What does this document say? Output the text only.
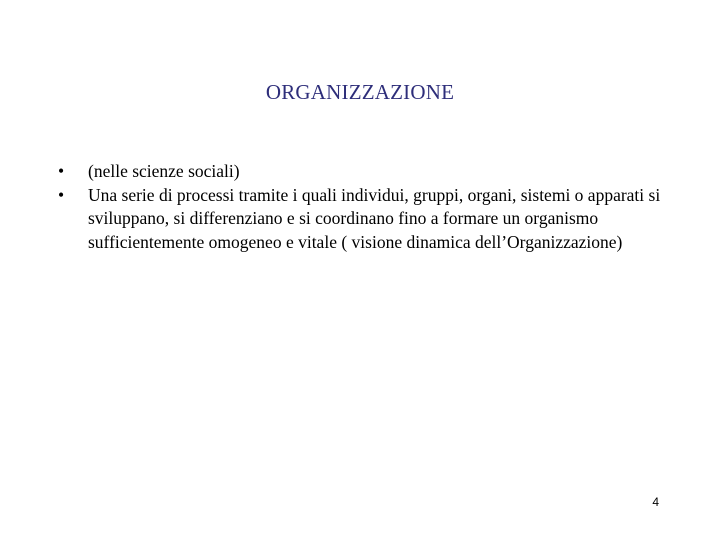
ORGANIZZAZIONE
•	(nelle scienze sociali)
•	Una serie di processi tramite i quali individui, gruppi, organi, sistemi o apparati si sviluppano, si differenziano e si coordinano fino a formare un organismo sufficientemente omogeneo e vitale ( visione dinamica dell’Organizzazione)
4
